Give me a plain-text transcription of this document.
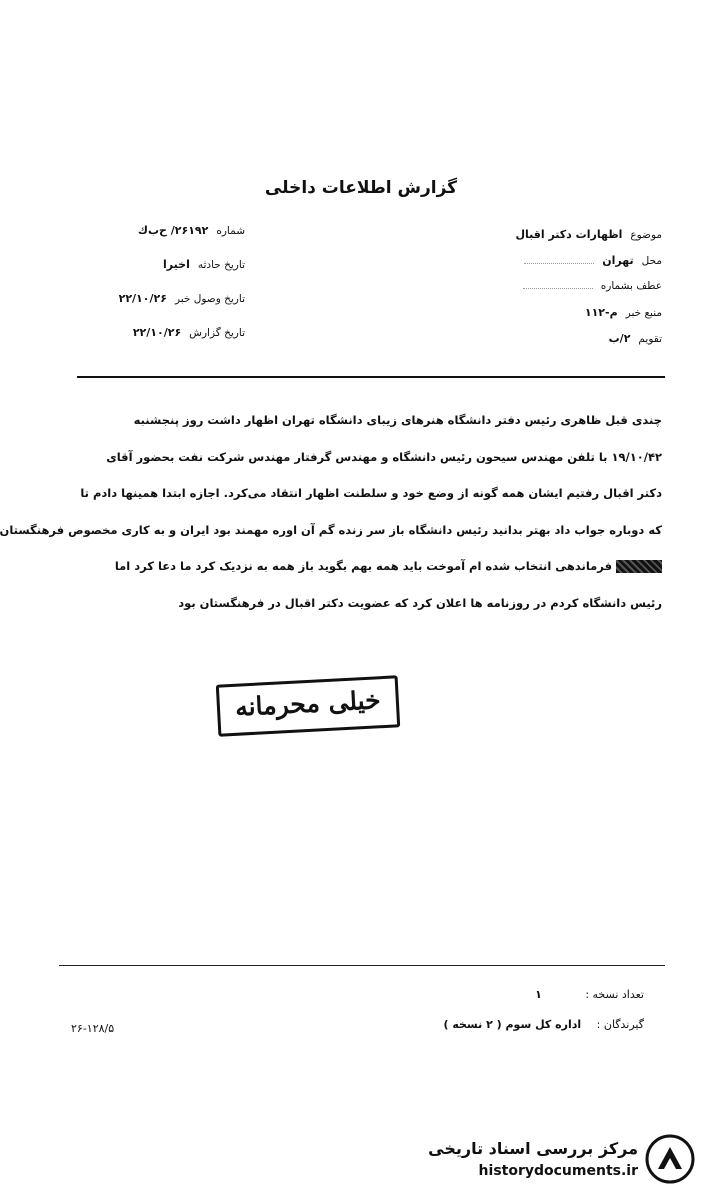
گزارش اطلاعات داخلی
موضوع
اظهارات دکتر اقبال
محل
تهران
عطف بشماره
منبع خبر
م-۱۱۲
تقویم
۲/ب
شماره
۲۶۱۹۲/ ح‌ب‌ك
تاریخ حادثه
اخیرا
تاریخ وصول خبر
۲۲/۱۰/۲۶
تاریخ گزارش
۲۲/۱۰/۲۶

چندی قبل ظاهری رئیس دفتر دانشگاه هنرهای زیبای دانشگاه تهران اظهار داشت روز پنجشنبه

۱۹/۱۰/۴۲ با تلفن مهندس سیحون رئیس دانشگاه و مهندس گرفتار مهندس شرکت نفت بحضور آقای

دکتر اقبال رفتیم ایشان همه گونه از وضع خود و سلطنت اظهار انتقاد می‌کرد. اجازه ابتدا همینها دادم تا

که دوباره جواب داد بهتر بدانید رئیس دانشگاه باز سر زنده گم آن اوره مهمند بود ایران و به کاری مخصوص فرهنگستان

فرماندهی انتخاب شده ام آموخت باید همه بهم بگوید باز همه به نزدیک کرد ما دعا کرد اما

رئیس دانشگاه کردم در روزنامه ها اعلان کرد که عضویت دکتر اقبال در فرهنگستان بود

خیلی محرمانه
تعداد نسخه : ۱
گیرندگان : اداره کل سوم ( ۲ نسخه )
۲۶-۱۲۸/۵
مرکز بررسی اسناد تاریخی
historydocuments.ir
